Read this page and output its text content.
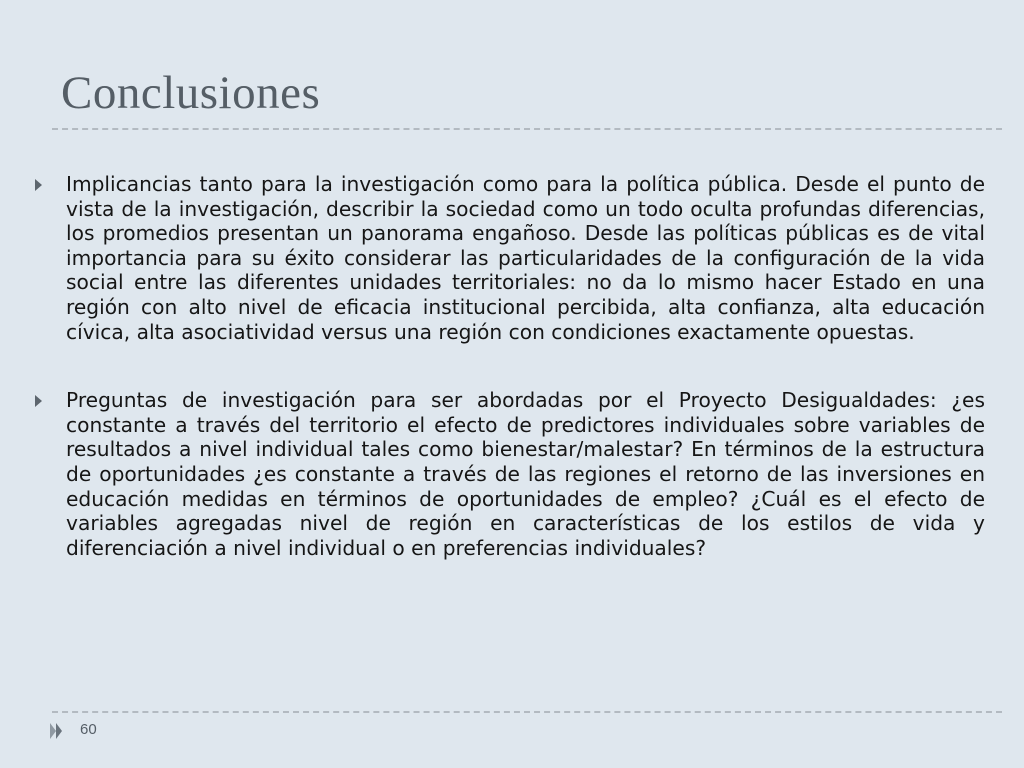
Conclusiones

Implicancias tanto para la investigación como para la política pública. Desde el punto de vista de la investigación, describir la sociedad como un todo oculta profundas diferencias, los promedios presentan un panorama engañoso. Desde las políticas públicas es de vital importancia para su éxito considerar las particularidades de la configuración de la vida social entre las diferentes unidades territoriales: no da lo mismo hacer Estado en una región con alto nivel de eficacia institucional percibida, alta confianza, alta educación cívica, alta asociatividad versus una región con condiciones exactamente opuestas.

Preguntas de investigación para ser abordadas por el Proyecto Desigualdades: ¿es constante a través del territorio el efecto de predictores individuales sobre variables de resultados a nivel individual tales como bienestar/malestar? En términos de la estructura de oportunidades ¿es constante a través de las regiones el retorno de las inversiones en educación medidas en términos de oportunidades de empleo? ¿Cuál es el efecto de variables agregadas nivel de región en características de los estilos de vida y diferenciación a nivel individual o en preferencias individuales?

60
